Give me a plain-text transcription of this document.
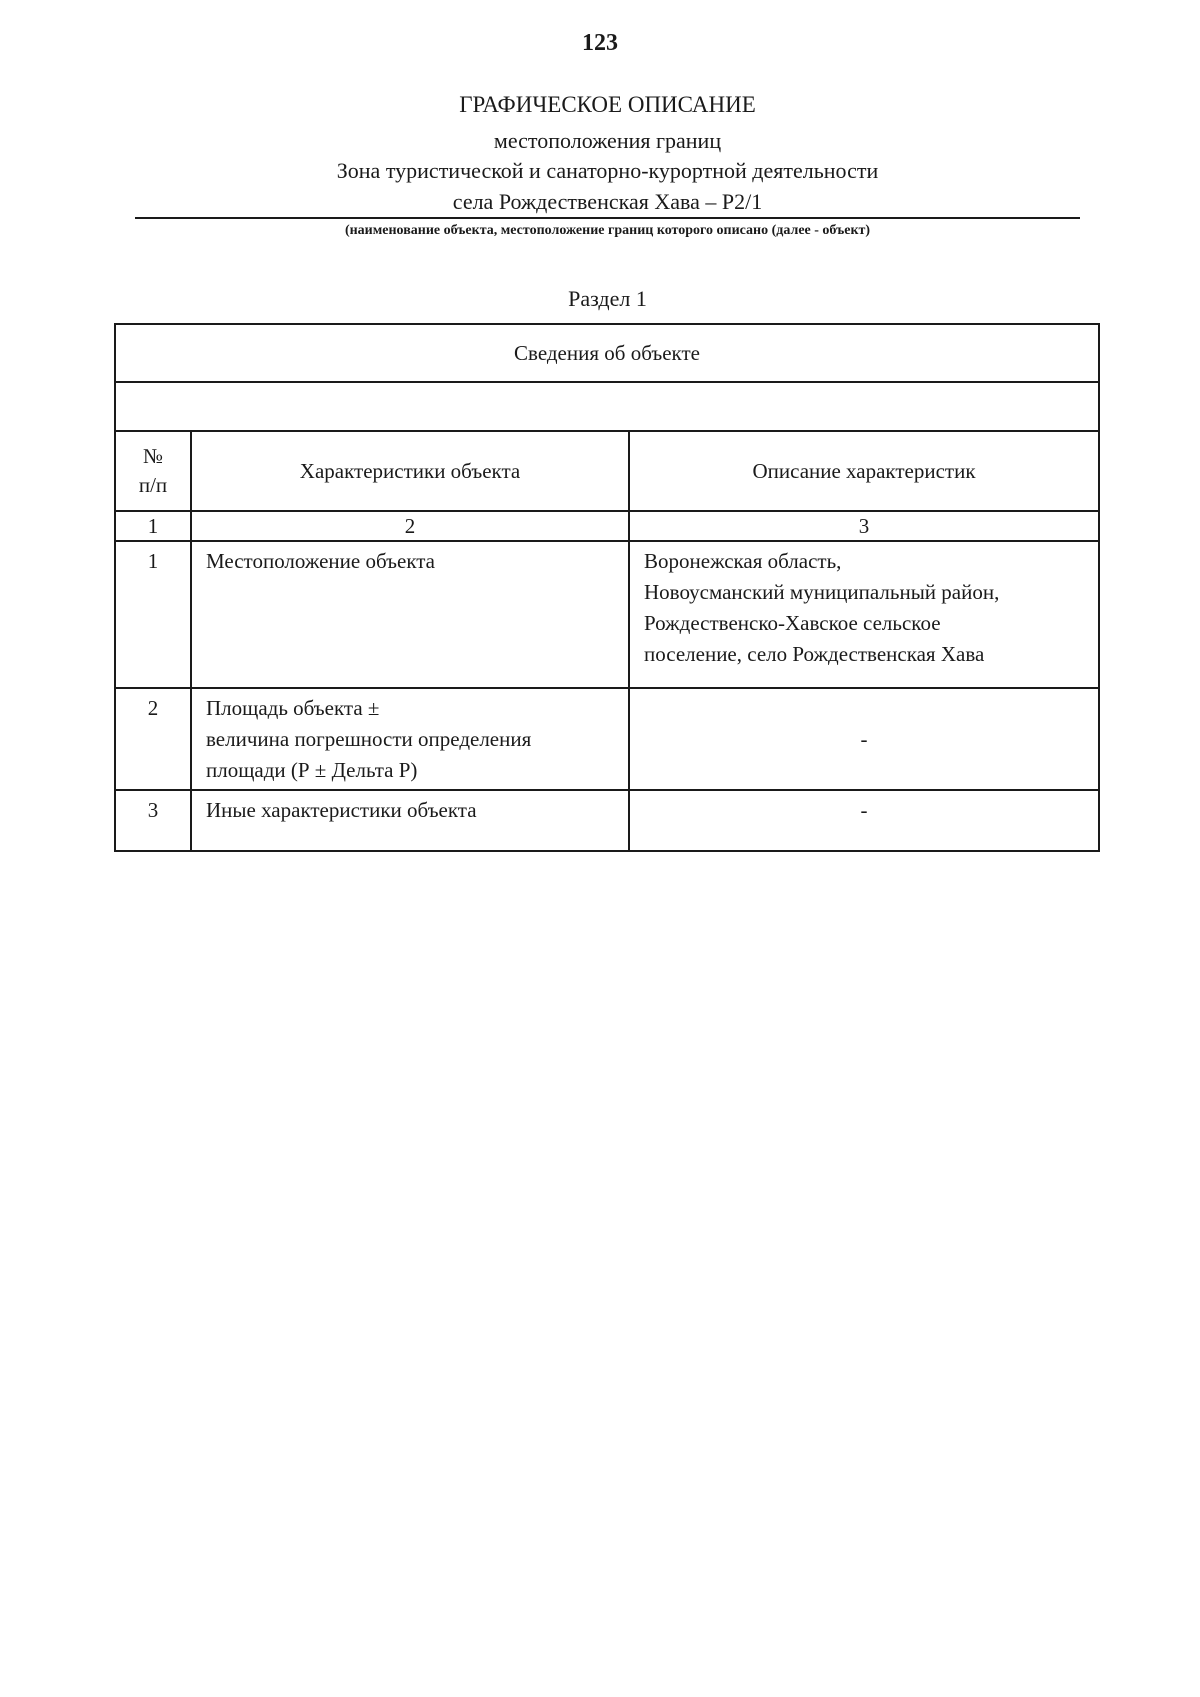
123
ГРАФИЧЕСКОЕ ОПИСАНИЕ
местоположения границ
Зона туристической и санаторно-курортной деятельности
села Рождественская Хава – Р2/1
(наименование объекта, местоположение границ которого описано (далее - объект)
Раздел 1
Сведения об объекте		

№
п/п	Характеристики объекта	Описание характеристик
1	2	3
1	Местоположение объекта	Воронежская область,
Новоусманский муниципальный район,
Рождественско-Хавское сельское
поселение, село Рождественская Хава

2	Площадь объекта ±
величина погрешности определения
площади (Р ± Дельта Р)	-
3	Иные характеристики объекта	-
